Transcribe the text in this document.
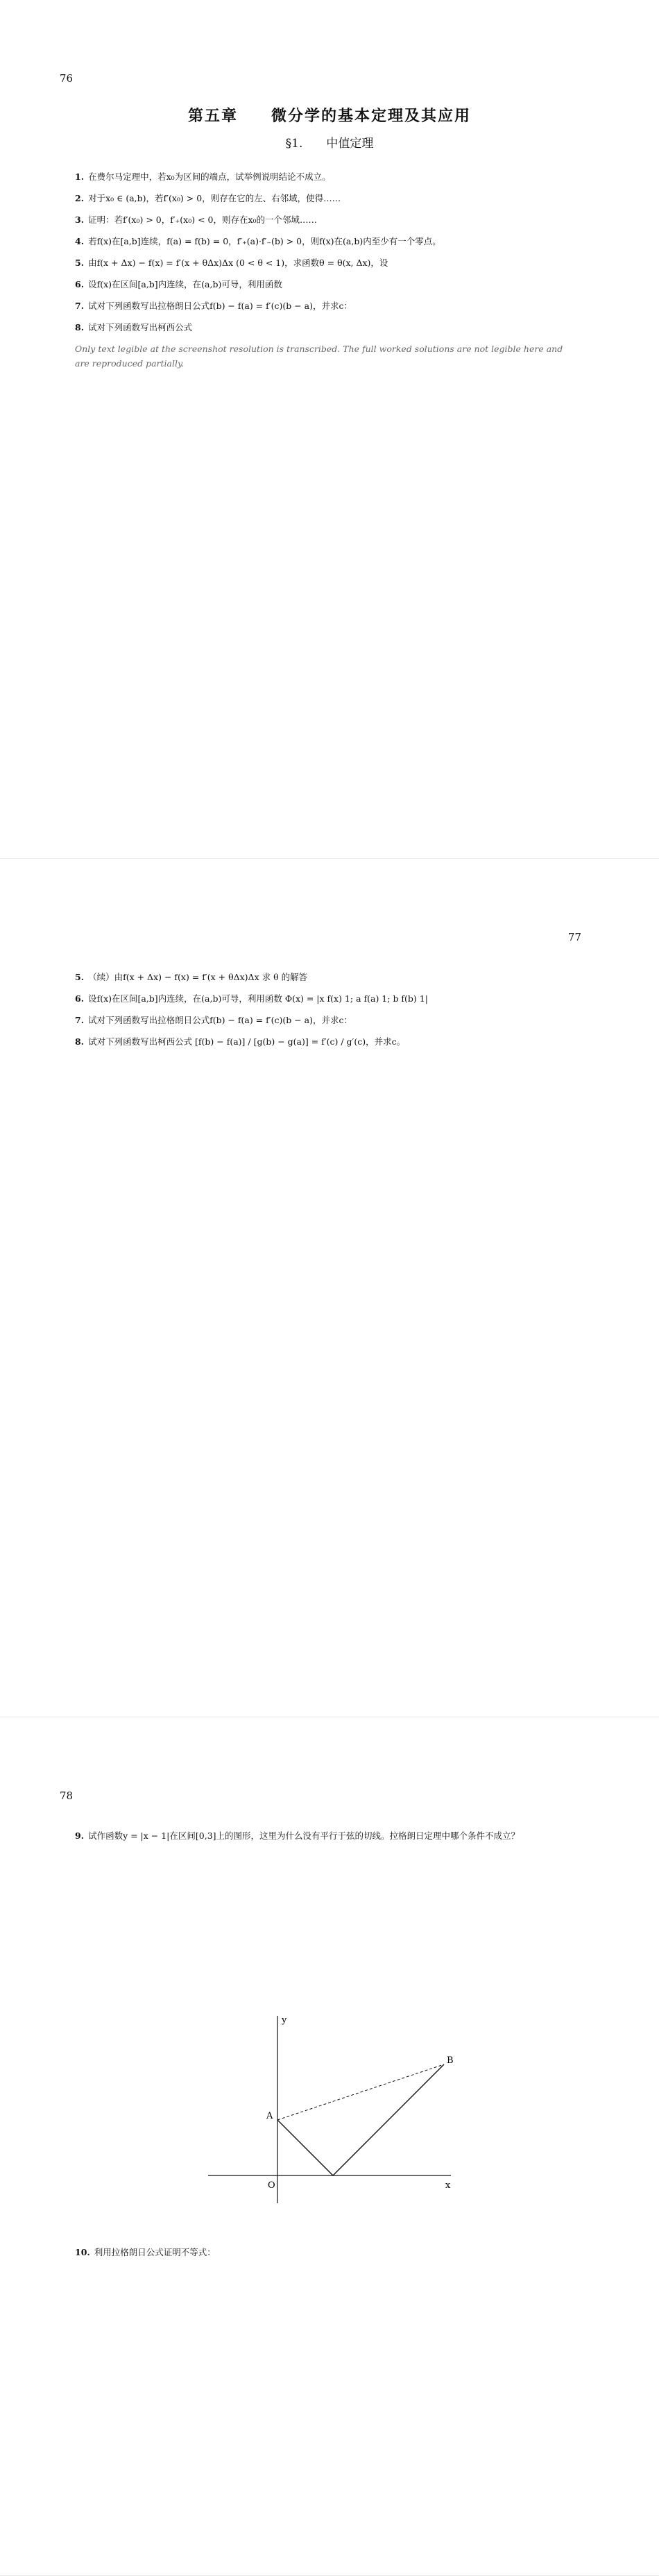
76
第五章　　微分学的基本定理及其应用
§1.　　中值定理
1. 在费尔马定理中，若x₀为区间的端点，试举例说明结论不成立。
2. 对于x₀ ∈ (a,b)，若f′(x₀) > 0，则存在它的左、右邻域，使得……
3. 证明：若f′(x₀) > 0，f′₊(x₀) < 0，则存在x₀的一个邻域……
4. 若f(x)在[a,b]连续，f(a) = f(b) = 0，f′₊(a)·f′₋(b) > 0，则f(x)在(a,b)内至少有一个零点。
5. 由f(x + Δx) − f(x) = f′(x + θΔx)Δx (0 < θ < 1)，求函数θ = θ(x, Δx)，设
6. 设f(x)在区间[a,b]内连续，在(a,b)可导，利用函数
7. 试对下列函数写出拉格朗日公式f(b) − f(a) = f′(c)(b − a)，并求c：
8. 试对下列函数写出柯西公式
Only text legible at the screenshot resolution is transcribed. The full worked solutions are not legible here and are reproduced partially.
77
5. （续）由f(x + Δx) − f(x) = f′(x + θΔx)Δx 求 θ 的解答
6. 设f(x)在区间[a,b]内连续，在(a,b)可导，利用函数 Φ(x) = |x f(x) 1; a f(a) 1; b f(b) 1|
7. 试对下列函数写出拉格朗日公式f(b) − f(a) = f′(c)(b − a)，并求c：
8. 试对下列函数写出柯西公式 [f(b) − f(a)] / [g(b) − g(a)] = f′(c) / g′(c)，并求c。
78
9. 试作函数y = |x − 1|在区间[0,3]上的图形，这里为什么没有平行于弦的切线。拉格朗日定理中哪个条件不成立？
x
y
O
A
B
10. 利用拉格朗日公式证明不等式：
